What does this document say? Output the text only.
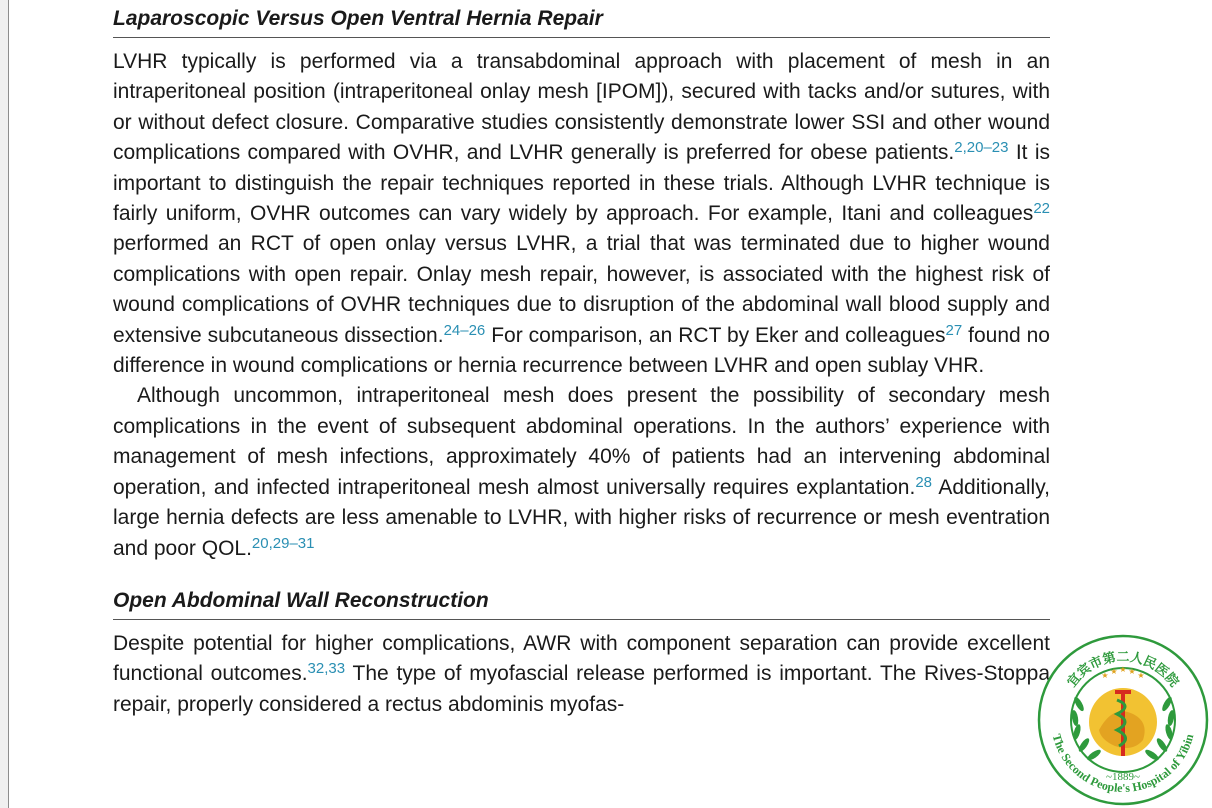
Laparoscopic Versus Open Ventral Hernia Repair

LVHR typically is performed via a transabdominal approach with placement of mesh in an intraperitoneal position (intraperitoneal onlay mesh [IPOM]), secured with tacks and/or sutures, with or without defect closure. Comparative studies consistently demonstrate lower SSI and other wound complications compared with OVHR, and LVHR generally is preferred for obese patients.$^{2,20-23}$ It is important to distinguish the repair techniques reported in these trials. Although LVHR technique is fairly uniform, OVHR outcomes can vary widely by approach. For example, Itani and colleagues$^{22}$ performed an RCT of open onlay versus LVHR, a trial that was terminated due to higher wound complications with open repair. Onlay mesh repair, however, is associated with the highest risk of wound complications of OVHR techniques due to disruption of the abdominal wall blood supply and extensive subcutaneous dissection.$^{24-26}$ For comparison, an RCT by Eker and colleagues$^{27}$ found no difference in wound complications or hernia recurrence between LVHR and open sublay VHR.

Although uncommon, intraperitoneal mesh does present the possibility of secondary mesh complications in the event of subsequent abdominal operations. In the authors’ experience with management of mesh infections, approximately 40% of patients had an intervening abdominal operation, and infected intraperitoneal mesh almost universally requires explantation.$^{28}$ Additionally, large hernia defects are less amenable to LVHR, with higher risks of recurrence or mesh eventration and poor QOL.$^{20,29-31}$

Open Abdominal Wall Reconstruction

Despite potential for higher complications, AWR with component separation can provide excellent functional outcomes.$^{32,33}$ The type of myofascial release performed is important. The Rives-Stoppa repair, properly considered a rectus abdominis myofas-

宜宾市第二人民医院
The Second People's Hospital of Yibin
★ ★ ★ ★ ★
~1889~
